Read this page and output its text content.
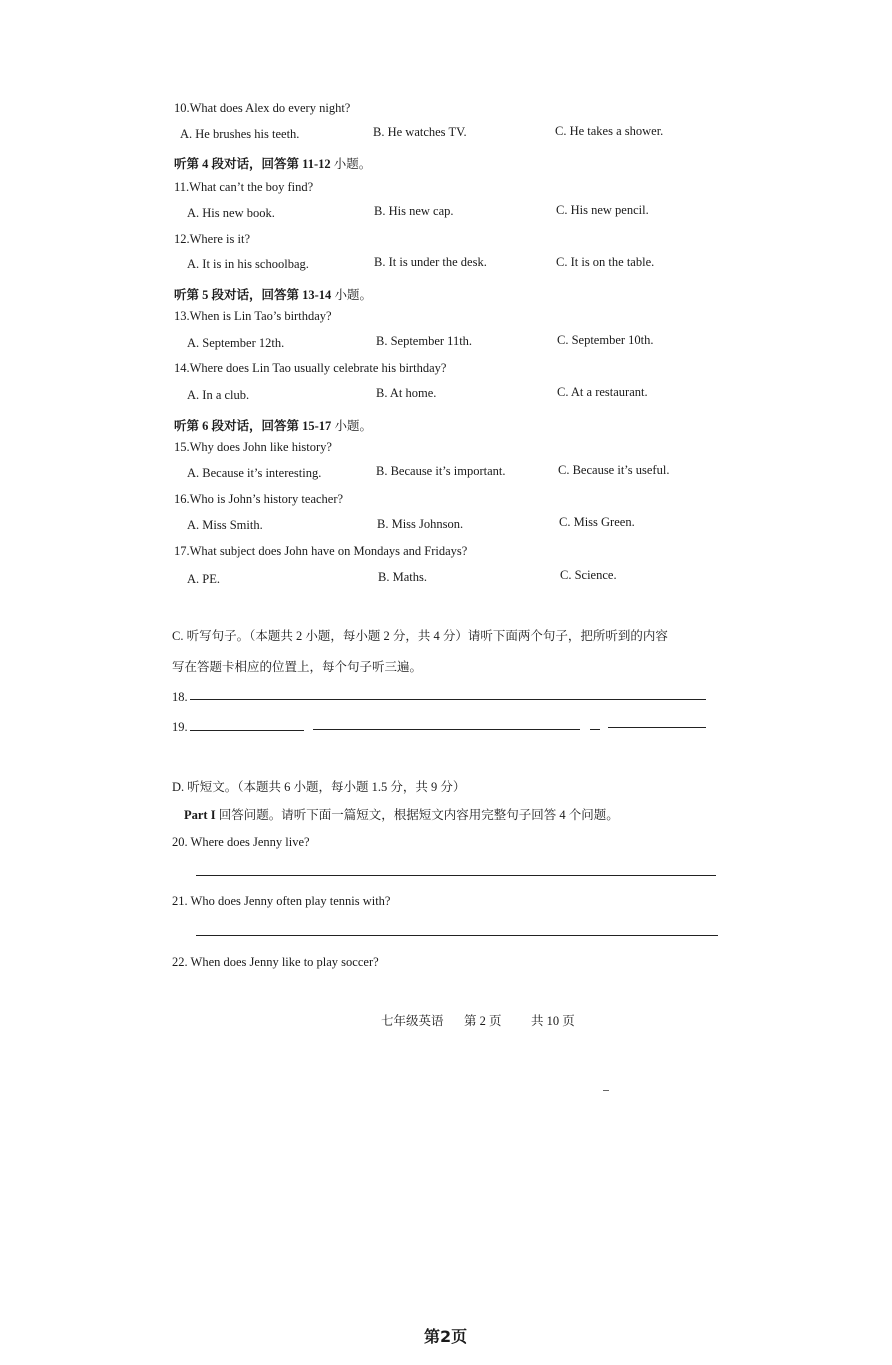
10.What does Alex do every night?
A. He brushes his teeth.	B. He watches TV.	C. He takes a shower.
听第 4 段对话，回答第 11-12 小题。
11.What can’t the boy find?
A. His new book.	B. His new cap.	C. His new pencil.
12.Where is it?
A. It is in his schoolbag.	B. It is under the desk.	C. It is on the table.
听第 5 段对话，回答第 13-14 小题。
13.When is Lin Tao’s birthday?
A. September 12th.	B. September 11th.	C. September 10th.
14.Where does Lin Tao usually celebrate his birthday?
A. In a club.	B. At home.	C. At a restaurant.
听第 6 段对话，回答第 15-17 小题。
15.Why does John like history?
A. Because it’s interesting.	B. Because it’s important.	C. Because it’s useful.
16.Who is John’s history teacher?
A. Miss Smith.	B. Miss Johnson.	C. Miss Green.
17.What subject does John have on Mondays and Fridays?
A. PE.	B. Maths.	C. Science.
C. 听写句子。（本题共 2 小题，每小题 2 分，共 4 分）请听下面两个句子，把所听到的内容
写在答题卡相应的位置上，每个句子听三遍。
18.
19.
D. 听短文。（本题共 6 小题，每小题 1.5 分，共 9 分）
Part I 回答问题。请听下面一篇短文，根据短文内容用完整句子回答 4 个问题。
20. Where does Jenny live?
21. Who does Jenny often play tennis with?
22. When does Jenny like to play soccer?
七年级英语 第 2 页 共 10 页
第2页
